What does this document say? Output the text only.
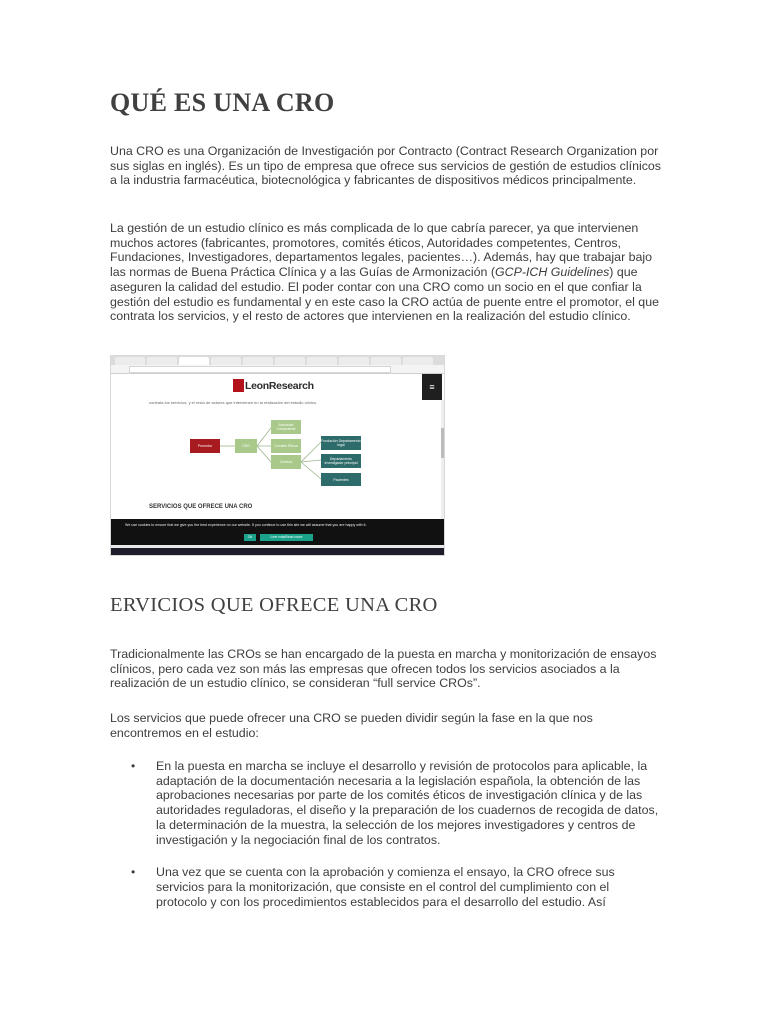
QUÉ ES UNA CRO

Una CRO es una Organización de Investigación por Contracto (Contract Research Organization por sus siglas en inglés). Es un tipo de empresa que ofrece sus servicios de gestión de estudios clínicos a la industria farmacéutica, biotecnológica y fabricantes de dispositivos médicos principalmente.

La gestión de un estudio clínico es más complicada de lo que cabría parecer, ya que intervienen muchos actores (fabricantes, promotores, comités éticos, Autoridades competentes, Centros, Fundaciones, Investigadores, departamentos legales, pacientes…). Además, hay que trabajar bajo las normas de Buena Práctica Clínica y a las Guías de Armonización (GCP-ICH Guidelines) que aseguren la calidad del estudio. El poder contar con una CRO como un socio en el que confiar la gestión del estudio es fundamental y en este caso la CRO actúa de puente entre el promotor, el que contrata los servicios, y el resto de actores que intervienen en la realización del estudio clínico.

ERVICIOS QUE OFRECE UNA CRO

Tradicionalmente las CROs se han encargado de la puesta en marcha y monitorización de ensayos clínicos, pero cada vez son más las empresas que ofrecen todos los servicios asociados a la realización de un estudio clínico, se consideran “full service CROs”.

Los servicios que puede ofrecer una CRO se pueden dividir según la fase en la que nos encontremos en el estudio:

• En la puesta en marcha se incluye el desarrollo y revisión de protocolos para aplicable, la adaptación de la documentación necesaria a la legislación española, la obtención de las aprobaciones necesarias por parte de los comités éticos de investigación clínica y de las autoridades reguladoras, el diseño y la preparación de los cuadernos de recogida de datos, la determinación de la muestra, la selección de los mejores investigadores y centros de investigación y la negociación final de los contratos.
• Una vez que se cuenta con la aprobación y comienza el ensayo, la CRO ofrece sus servicios para la monitorización, que consiste en el control del cumplimiento con el protocolo y con los procedimientos establecidos para el desarrollo del estudio. Así
LeonResearch	≡
contrata los servicios, y el resto de actores que intervienen en la realización del estudio clínico.
Promotor	CRO
Autoridad Competente
Comités Éticos
Centros
Fundación Departamento legal
Departamento Investigador principal
Pacientes
SERVICIOS QUE OFRECE UNA CRO
We use cookies to ensure that we give you the best experience on our website. If you continue to use this site we will assume that you are happy with it.
Ok	Leer másRead more
